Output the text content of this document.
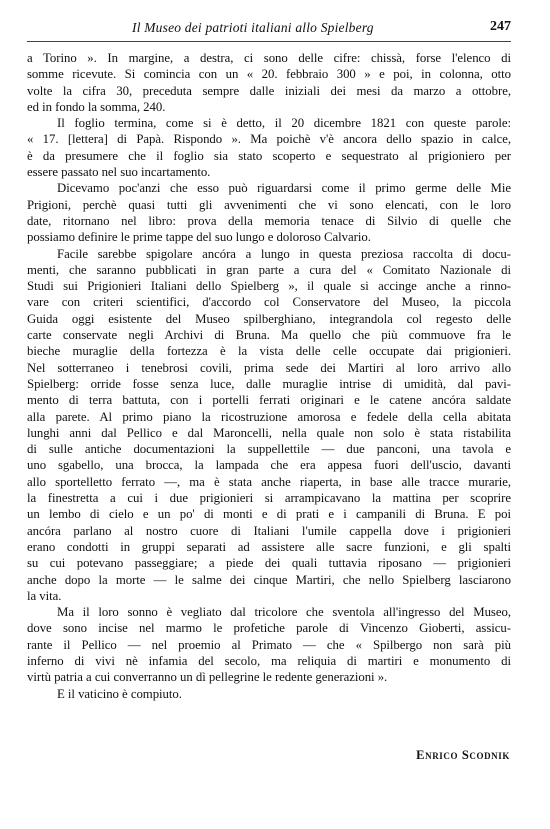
Il Museo dei patrioti italiani allo Spielberg	247
a Torino ». In margine, a destra, ci sono delle cifre: chissà, forse l'elenco di
somme ricevute. Si comincia con un « 20. febbraio 300 » e poi, in colonna, otto
volte la cifra 30, preceduta sempre dalle iniziali dei mesi da marzo a ottobre,
ed in fondo la somma, 240.
Il foglio termina, come si è detto, il 20 dicembre 1821 con queste parole:
« 17. [lettera] di Papà. Rispondo ». Ma poichè v'è ancora dello spazio in calce,
è da presumere che il foglio sia stato scoperto e sequestrato al prigioniero per
essere passato nel suo incartamento.
Dicevamo poc'anzi che esso può riguardarsi come il primo germe delle Mie
Prigioni, perchè quasi tutti gli avvenimenti che vi sono elencati, con le loro
date, ritornano nel libro: prova della memoria tenace di Silvio di quelle che
possiamo definire le prime tappe del suo lungo e doloroso Calvario.
Facile sarebbe spigolare ancóra a lungo in questa preziosa raccolta di docu-
menti, che saranno pubblicati in gran parte a cura del « Comitato Nazionale di
Studi sui Prigionieri Italiani dello Spielberg », il quale si accinge anche a rinno-
vare con criteri scientifici, d'accordo col Conservatore del Museo, la piccola
Guida oggi esistente del Museo spilberghiano, integrandola col regesto delle
carte conservate negli Archivi di Bruna. Ma quello che più commuove fra le
bieche muraglie della fortezza è la vista delle celle occupate dai prigionieri.
Nel sotterraneo i tenebrosi covili, prima sede dei Martiri al loro arrivo allo
Spielberg: orride fosse senza luce, dalle muraglie intrise di umidità, dal pavi-
mento di terra battuta, con i portelli ferrati originari e le catene ancóra saldate
alla parete. Al primo piano la ricostruzione amorosa e fedele della cella abitata
lunghi anni dal Pellico e dal Maroncelli, nella quale non solo è stata ristabilita
di sulle antiche documentazioni la suppellettile — due panconi, una tavola e
uno sgabello, una brocca, la lampada che era appesa fuori dell'uscio, davanti
allo sportelletto ferrato —, ma è stata anche riaperta, in base alle tracce murarie,
la finestretta a cui i due prigionieri si arrampicavano la mattina per scoprire
un lembo di cielo e un po' di monti e di prati e i campanili di Bruna. E poi
ancóra parlano al nostro cuore di Italiani l'umile cappella dove i prigionieri
erano condotti in gruppi separati ad assistere alle sacre funzioni, e gli spalti
su cui potevano passeggiare; a piede dei quali tuttavia riposano — prigionieri
anche dopo la morte — le salme dei cinque Martiri, che nello Spielberg lasciarono
la vita.
Ma il loro sonno è vegliato dal tricolore che sventola all'ingresso del Museo,
dove sono incise nel marmo le profetiche parole di Vincenzo Gioberti, assicu-
rante il Pellico — nel proemio al Primato — che « Spilbergo non sarà più
inferno di vivi nè infamia del secolo, ma reliquia di martiri e monumento di
virtù patria a cui converranno un dì pellegrine le redente generazioni ».
E il vaticino è compiuto.
Enrico Scodnik
